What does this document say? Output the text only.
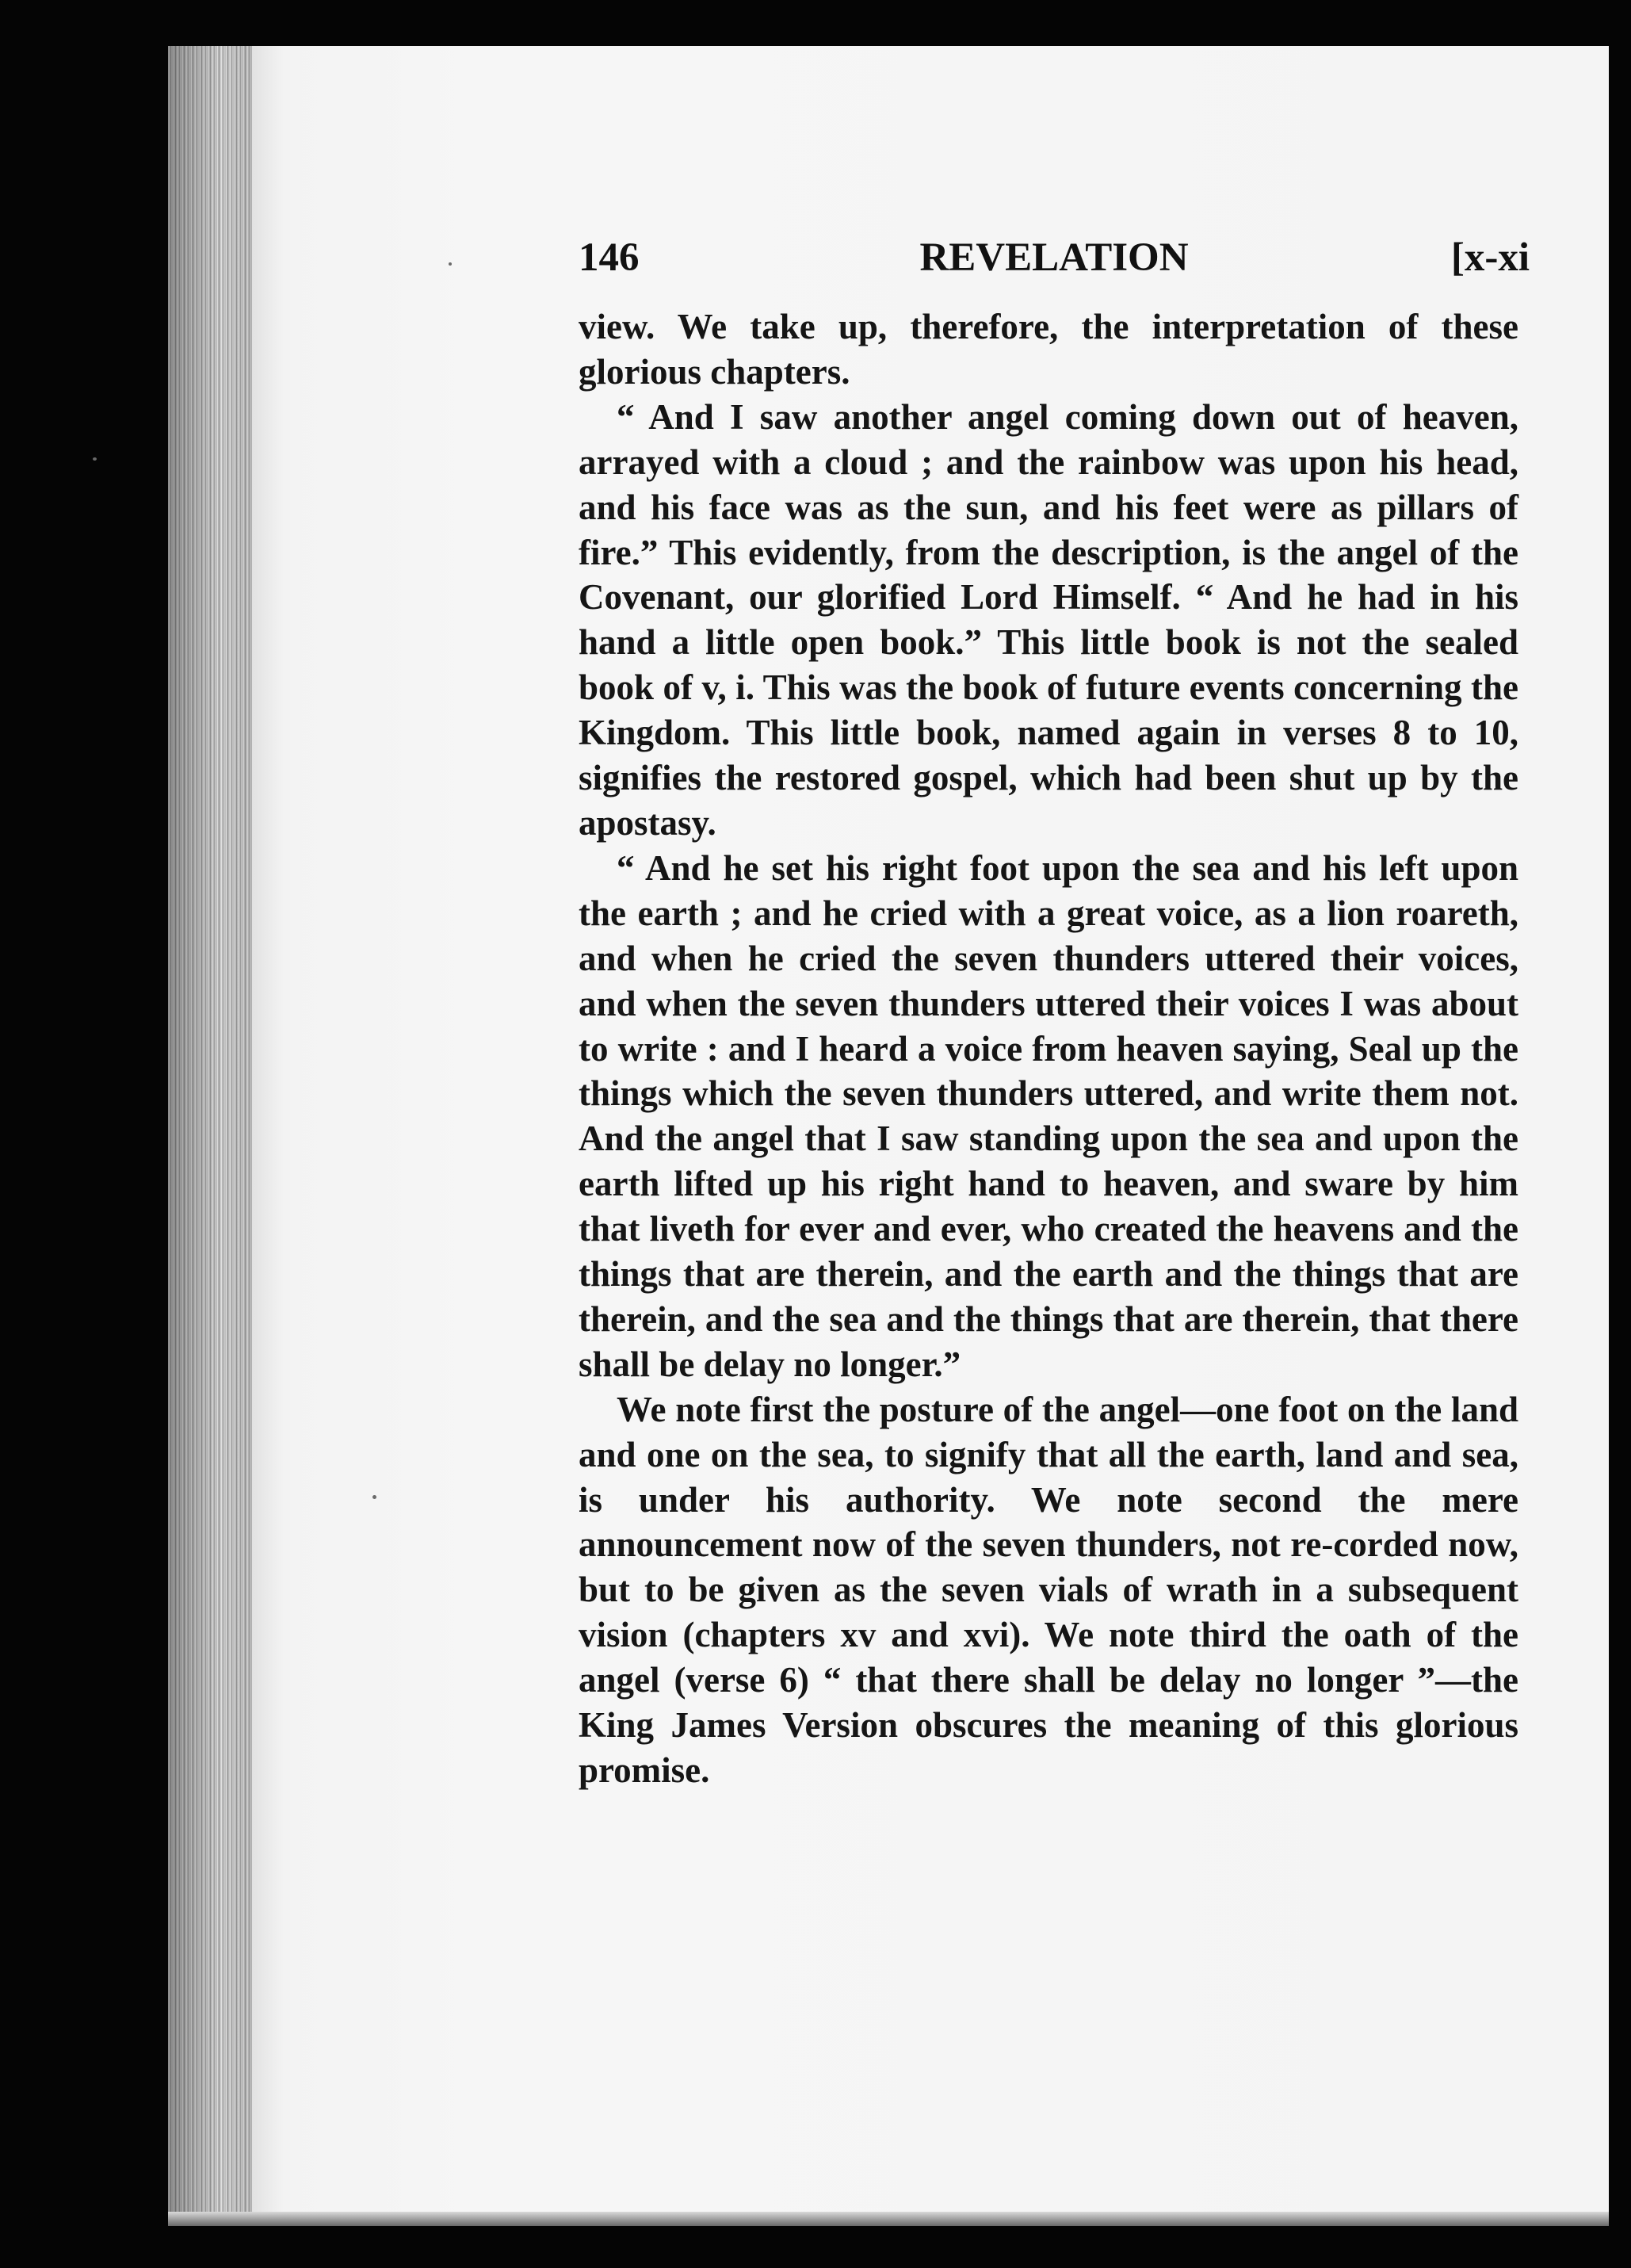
146	REVELATION	[x-xi

view. We take up, therefore, the interpretation of these glorious chapters.

“ And I saw another angel coming down out of heaven, arrayed with a cloud ; and the rainbow was upon his head, and his face was as the sun, and his feet were as pillars of fire.” This evidently, from the description, is the angel of the Covenant, our glorified Lord Himself. “ And he had in his hand a little open book.” This little book is not the sealed book of v, i. This was the book of future events concerning the Kingdom. This little book, named again in verses 8 to 10, signifies the restored gospel, which had been shut up by the apostasy.

“ And he set his right foot upon the sea and his left upon the earth ; and he cried with a great voice, as a lion roareth, and when he cried the seven thunders uttered their voices, and when the seven thunders uttered their voices I was about to write : and I heard a voice from heaven saying, Seal up the things which the seven thunders uttered, and write them not. And the angel that I saw standing upon the sea and upon the earth lifted up his right hand to heaven, and sware by him that liveth for ever and ever, who created the heavens and the things that are therein, and the earth and the things that are therein, and the sea and the things that are therein, that there shall be delay no longer.”

We note first the posture of the angel—one foot on the land and one on the sea, to signify that all the earth, land and sea, is under his authority. We note second the mere announcement now of the seven thunders, not re-corded now, but to be given as the seven vials of wrath in a subsequent vision (chapters xv and xvi). We note third the oath of the angel (verse 6) “ that there shall be delay no longer ”—the King James Version obscures the meaning of this glorious promise.
